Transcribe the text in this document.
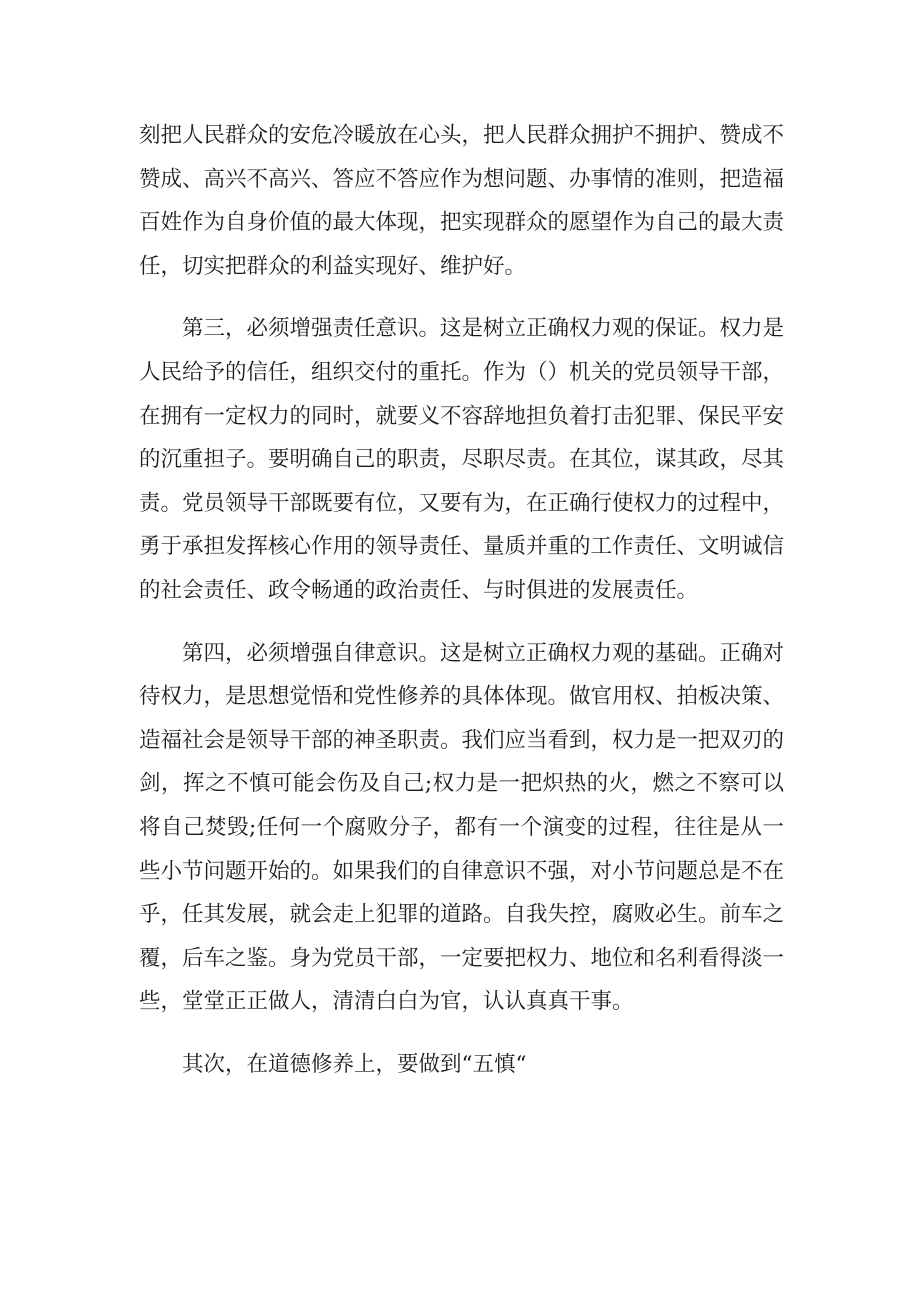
刻把人民群众的安危冷暖放在心头，把人民群众拥护不拥护、赞成不赞成、高兴不高兴、答应不答应作为想问题、办事情的准则，把造福百姓作为自身价值的最大体现，把实现群众的愿望作为自己的最大责任，切实把群众的利益实现好、维护好。

第三，必须增强责任意识。这是树立正确权力观的保证。权力是人民给予的信任，组织交付的重托。作为（）机关的党员领导干部，在拥有一定权力的同时，就要义不容辞地担负着打击犯罪、保民平安的沉重担子。要明确自己的职责，尽职尽责。在其位，谋其政，尽其责。党员领导干部既要有位，又要有为，在正确行使权力的过程中，勇于承担发挥核心作用的领导责任、量质并重的工作责任、文明诚信的社会责任、政令畅通的政治责任、与时俱进的发展责任。

第四，必须增强自律意识。这是树立正确权力观的基础。正确对待权力，是思想觉悟和党性修养的具体体现。做官用权、拍板决策、造福社会是领导干部的神圣职责。我们应当看到，权力是一把双刃的剑，挥之不慎可能会伤及自己;权力是一把炽热的火，燃之不察可以将自己焚毁;任何一个腐败分子，都有一个演变的过程，往往是从一些小节问题开始的。如果我们的自律意识不强，对小节问题总是不在乎，任其发展，就会走上犯罪的道路。自我失控，腐败必生。前车之覆，后车之鉴。身为党员干部，一定要把权力、地位和名利看得淡一些，堂堂正正做人，清清白白为官，认认真真干事。

其次，在道德修养上，要做到“五慎“
